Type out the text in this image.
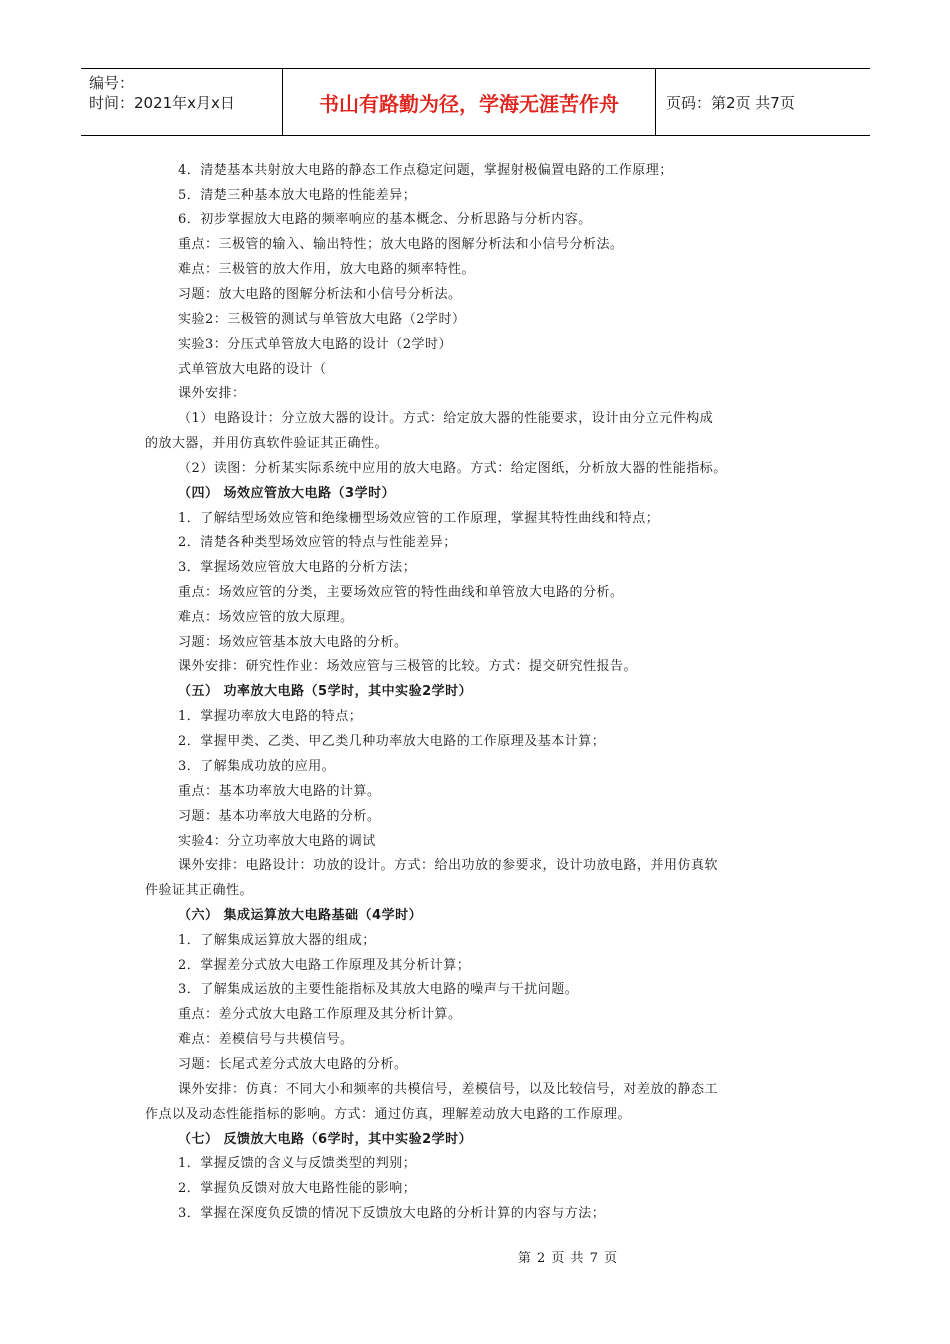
编号：
时间：2021年x月x日	书山有路勤为径，学海无涯苦作舟	页码：第2页 共7页
4．清楚基本共射放大电路的静态工作点稳定问题，掌握射极偏置电路的工作原理；
5．清楚三种基本放大电路的性能差异；
6．初步掌握放大电路的频率响应的基本概念、分析思路与分析内容。
重点：三极管的输入、输出特性；放大电路的图解分析法和小信号分析法。
难点：三极管的放大作用，放大电路的频率特性。
习题：放大电路的图解分析法和小信号分析法。
实验2：三极管的测试与单管放大电路（2学时）
实验3：分压式单管放大电路的设计（2学时）
式单管放大电路的设计（
课外安排：
（1）电路设计：分立放大器的设计。方式：给定放大器的性能要求，设计由分立元件构成
的放大器，并用仿真软件验证其正确性。
（2）读图：分析某实际系统中应用的放大电路。方式：给定图纸，分析放大器的性能指标。
（四） 场效应管放大电路（3学时）
1．了解结型场效应管和绝缘栅型场效应管的工作原理，掌握其特性曲线和特点；
2．清楚各种类型场效应管的特点与性能差异；
3．掌握场效应管放大电路的分析方法；
重点：场效应管的分类，主要场效应管的特性曲线和单管放大电路的分析。
难点：场效应管的放大原理。
习题：场效应管基本放大电路的分析。
课外安排：研究性作业：场效应管与三极管的比较。方式：提交研究性报告。
（五） 功率放大电路（5学时，其中实验2学时）
1．掌握功率放大电路的特点；
2．掌握甲类、乙类、甲乙类几种功率放大电路的工作原理及基本计算；
3．了解集成功放的应用。
重点：基本功率放大电路的计算。
习题：基本功率放大电路的分析。
实验4：分立功率放大电路的调试
课外安排：电路设计：功放的设计。方式：给出功放的参要求，设计功放电路，并用仿真软
件验证其正确性。
（六） 集成运算放大电路基础（4学时）
1．了解集成运算放大器的组成；
2．掌握差分式放大电路工作原理及其分析计算；
3．了解集成运放的主要性能指标及其放大电路的噪声与干扰问题。
重点：差分式放大电路工作原理及其分析计算。
难点：差模信号与共模信号。
习题：长尾式差分式放大电路的分析。
课外安排：仿真：不同大小和频率的共模信号，差模信号，以及比较信号，对差放的静态工
作点以及动态性能指标的影响。方式：通过仿真，理解差动放大电路的工作原理。
（七） 反馈放大电路（6学时，其中实验2学时）
1．掌握反馈的含义与反馈类型的判别；
2．掌握负反馈对放大电路性能的影响；
3．掌握在深度负反馈的情况下反馈放大电路的分析计算的内容与方法；
第 2 页 共 7 页
